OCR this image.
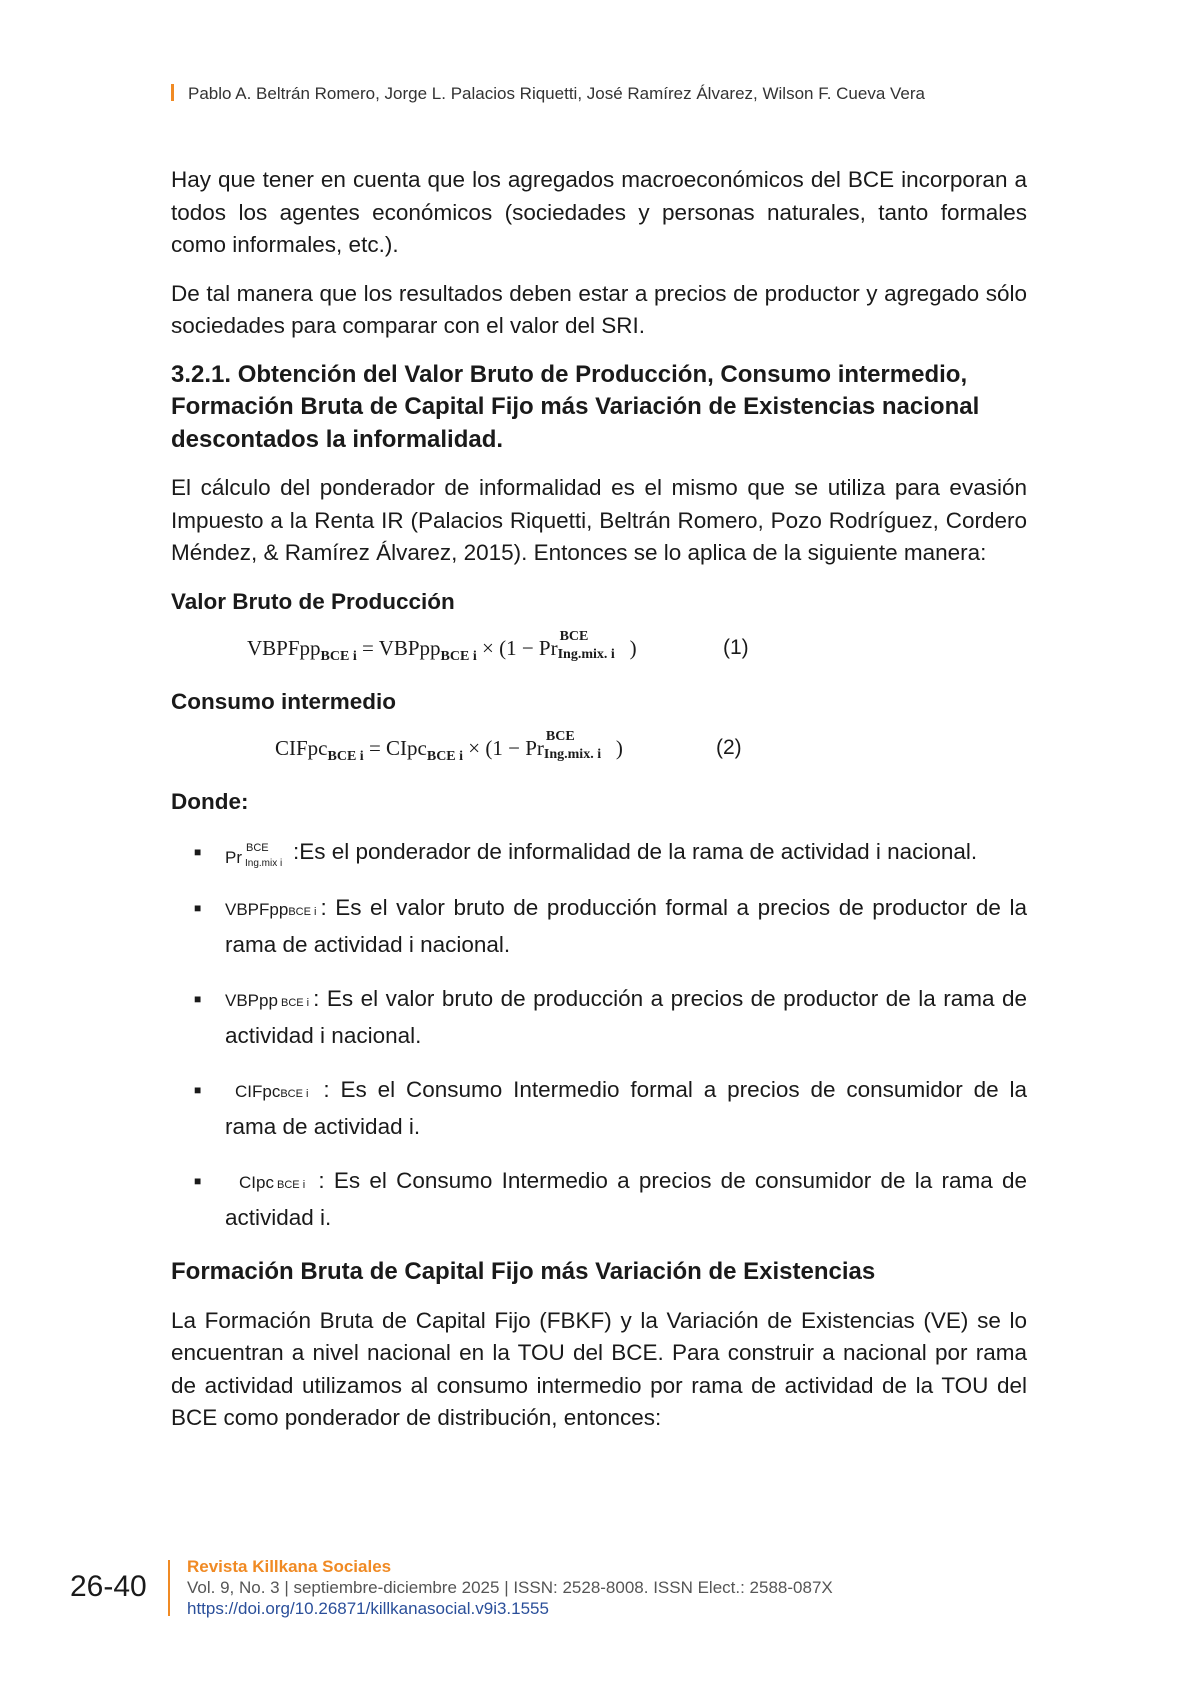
Pablo A. Beltrán Romero, Jorge L. Palacios Riquetti, José Ramírez Álvarez, Wilson F. Cueva Vera

Hay que tener en cuenta que los agregados macroeconómicos del BCE incorporan a todos los agentes económicos (sociedades y personas naturales, tanto formales como informales, etc.).

De tal manera que los resultados deben estar a precios de productor y agregado sólo sociedades para comparar con el valor del SRI.

3.2.1. Obtención del Valor Bruto de Producción, Consumo intermedio, Formación Bruta de Capital Fijo más Variación de Existencias nacional descontados la informalidad.

El cálculo del ponderador de informalidad es el mismo que se utiliza para evasión Impuesto a la Renta IR (Palacios Riquetti, Beltrán Romero, Pozo Rodríguez, Cordero Méndez, & Ramírez Álvarez, 2015). Entonces se lo aplica de la siguiente manera:

Valor Bruto de Producción
VBPFpp$_{BCE i}$ = VBPpp$_{BCE i}$ × (1 − Pr BCE
Ing.mix. i )	(1)
Consumo intermedio
CIFpc$_{BCE i}$ = CIpc$_{BCE i}$ × (1 − Pr BCE
Ing.mix. i )	(2)
Donde:
■ Pr BCE
Ing.mix i :Es el ponderador de informalidad de la rama de actividad i nacional.
■ VBPFppBCE i : Es el valor bruto de producción formal a precios de productor de la rama de actividad i nacional.
■ VBPpp BCE i : Es el valor bruto de producción a precios de productor de la rama de actividad i nacional.
■ CIFpcBCE i : Es el Consumo Intermedio formal a precios de consumidor de la rama de actividad i.
■ CIpc BCE i : Es el Consumo Intermedio a precios de consumidor de la rama de actividad i.
Formación Bruta de Capital Fijo más Variación de Existencias

La Formación Bruta de Capital Fijo (FBKF) y la Variación de Existencias (VE) se lo encuentran a nivel nacional en la TOU del BCE. Para construir a nacional por rama de actividad utilizamos al consumo intermedio por rama de actividad de la TOU del BCE como ponderador de distribución, entonces:

26-40
Revista Killkana Sociales
Vol. 9, No. 3 | septiembre-diciembre 2025 | ISSN: 2528-8008. ISSN Elect.: 2588-087X
https://doi.org/10.26871/killkanasocial.v9i3.1555
